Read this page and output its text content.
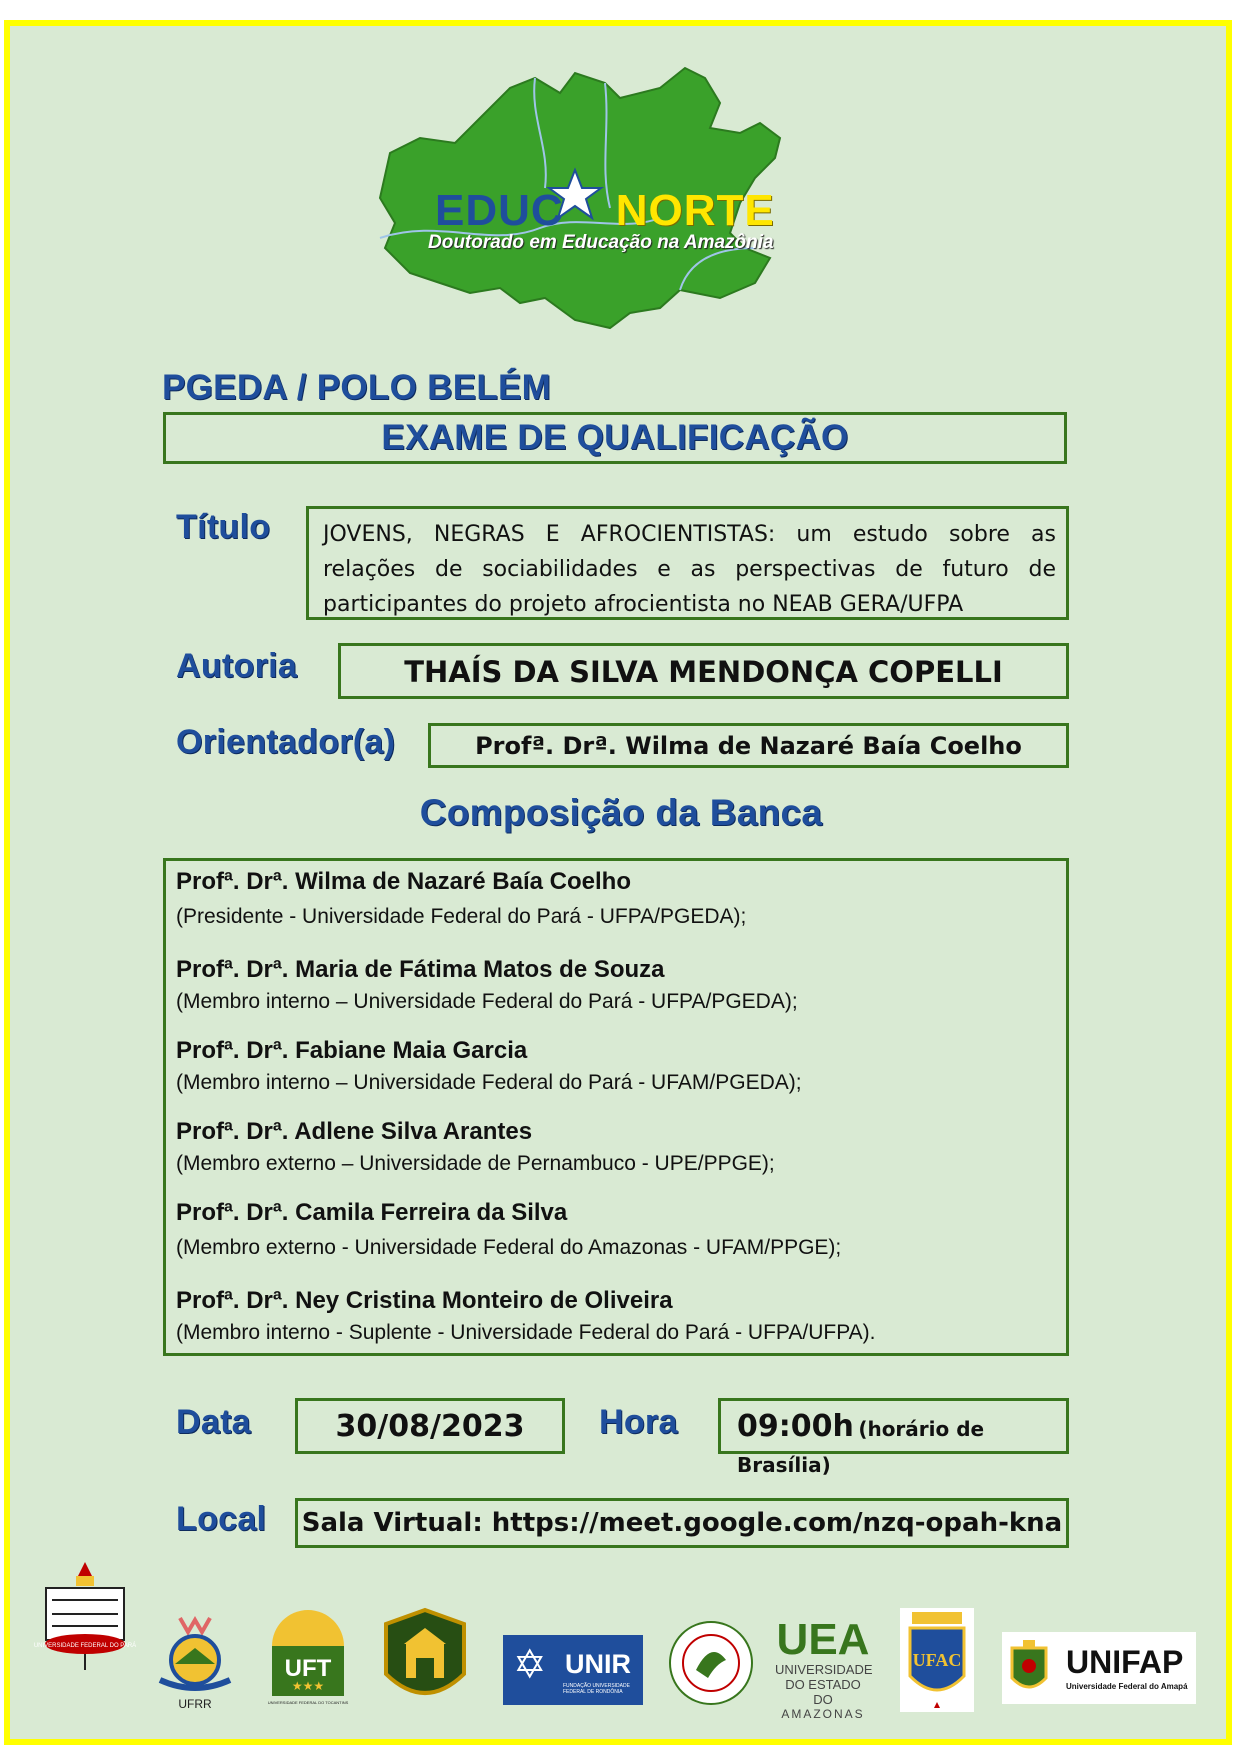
EDUC NORTE
Doutorado em Educação na Amazônia
PGEDA / POLO BELÉM
EXAME DE QUALIFICAÇÃO
Título JOVENS, NEGRAS E AFROCIENTISTAS: um estudo sobre as relações de sociabilidades e as perspectivas de futuro de participantes do projeto afrocientista no NEAB GERA/UFPA
Autoria	THAÍS DA SILVA MENDONÇA COPELLI
Orientador(a)	Profª. Drª. Wilma de Nazaré Baía Coelho
Composição da Banca
Profª. Drª. Wilma de Nazaré Baía Coelho
(Presidente - Universidade Federal do Pará - UFPA/PGEDA);
Profª. Drª. Maria de Fátima Matos de Souza
(Membro interno – Universidade Federal do Pará - UFPA/PGEDA);
Profª. Drª. Fabiane Maia Garcia
(Membro interno – Universidade Federal do Pará - UFAM/PGEDA);
Profª. Drª. Adlene Silva Arantes
(Membro externo – Universidade de Pernambuco - UPE/PPGE);
Profª. Drª. Camila Ferreira da Silva
(Membro externo - Universidade Federal do Amazonas - UFAM/PPGE);
Profª. Drª. Ney Cristina Monteiro de Oliveira
(Membro interno - Suplente - Universidade Federal do Pará - UFPA/UFPA).
Data	30/08/2023	Hora	09:00h (horário de Brasília)
Local Sala Virtual: https://meet.google.com/nzq-opah-kna
UNIVERSIDADE FEDERAL DO PARÁ
UFRR
UFT
★★★
UNIVERSIDADE FEDERAL DO TOCANTINS
✡ UNIR
FUNDAÇÃO UNIVERSIDADE FEDERAL DE RONDÔNIA
UEA
UNIVERSIDADE
DO ESTADO DO
AMAZONAS
UFAC	UNIFAP
Universidade Federal do Amapá
